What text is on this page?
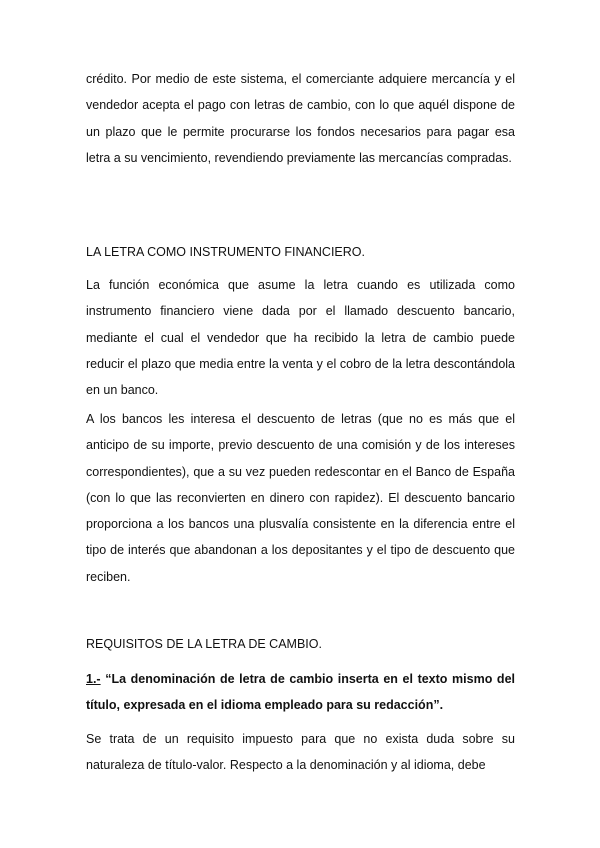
crédito. Por medio de este sistema, el comerciante adquiere mercancía y el vendedor acepta el pago con letras de cambio, con lo que aquél dispone de un plazo que le permite procurarse los fondos necesarios para pagar esa letra a su vencimiento, revendiendo previamente las mercancías compradas.

LA LETRA COMO INSTRUMENTO FINANCIERO.

La función económica que asume la letra cuando es utilizada como instrumento financiero viene dada por el llamado descuento bancario, mediante el cual el vendedor que ha recibido la letra de cambio puede reducir el plazo que media entre la venta y el cobro de la letra descontándola en un banco.

A los bancos les interesa el descuento de letras (que no es más que el anticipo de su importe, previo descuento de una comisión y de los intereses correspondientes), que a su vez pueden redescontar en el Banco de España (con lo que las reconvierten en dinero con rapidez). El descuento bancario proporciona a los bancos una plusvalía consistente en la diferencia entre el tipo de interés que abandonan a los depositantes y el tipo de descuento que reciben.

REQUISITOS DE LA LETRA DE CAMBIO.

1.- “La denominación de letra de cambio inserta en el texto mismo del título, expresada en el idioma empleado para su redacción”.

Se trata de un requisito impuesto para que no exista duda sobre su naturaleza de título-valor. Respecto a la denominación y al idioma, debe
